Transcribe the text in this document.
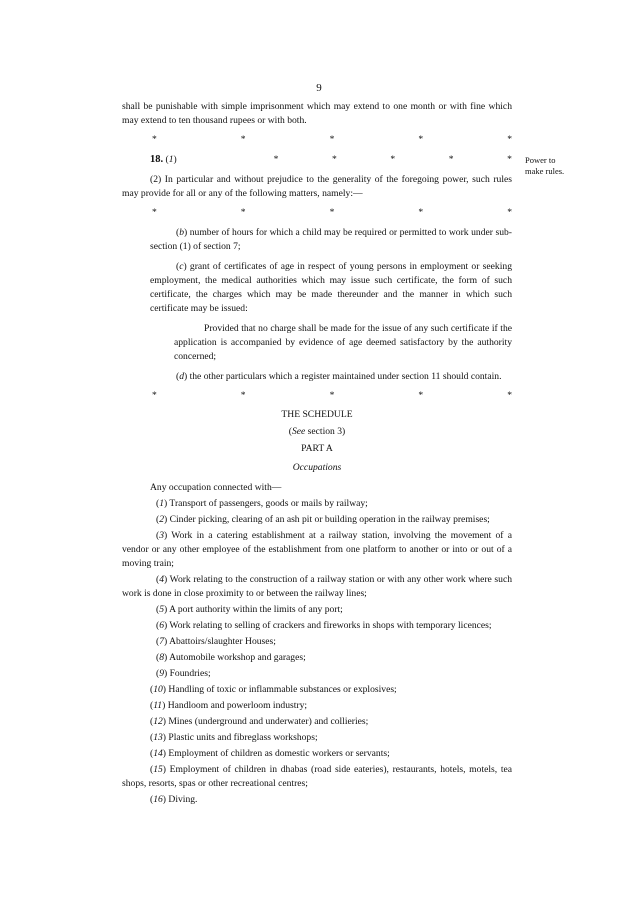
9

shall be punishable with simple imprisonment which may extend to one month or with fine which may extend to ten thousand rupees or with both.

*	*	*	*	*
18. (1)	*	*	*	*	*

(2) In particular and without prejudice to the generality of the foregoing power, such rules may provide for all or any of the following matters, namely:—

*	*	*	*	*

(b) number of hours for which a child may be required or permitted to work under sub-section (1) of section 7;

(c) grant of certificates of age in respect of young persons in employment or seeking employment, the medical authorities which may issue such certificate, the form of such certificate, the charges which may be made thereunder and the manner in which such certificate may be issued:

Provided that no charge shall be made for the issue of any such certificate if the application is accompanied by evidence of age deemed satisfactory by the authority concerned;

(d) the other particulars which a register maintained under section 11 should contain.

*	*	*	*	*

THE SCHEDULE

(See section 3)

PART A

Occupations

Any occupation connected with—

(1) Transport of passengers, goods or mails by railway;

(2) Cinder picking, clearing of an ash pit or building operation in the railway premises;

(3) Work in a catering establishment at a railway station, involving the movement of a vendor or any other employee of the establishment from one platform to another or into or out of a moving train;

(4) Work relating to the construction of a railway station or with any other work where such work is done in close proximity to or between the railway lines;

(5) A port authority within the limits of any port;

(6) Work relating to selling of crackers and fireworks in shops with temporary licences;

(7) Abattoirs/slaughter Houses;

(8) Automobile workshop and garages;

(9) Foundries;

(10) Handling of toxic or inflammable substances or explosives;

(11) Handloom and powerloom industry;

(12) Mines (underground and underwater) and collieries;

(13) Plastic units and fibreglass workshops;

(14) Employment of children as domestic workers or servants;

(15) Employment of children in dhabas (road side eateries), restaurants, hotels, motels, tea shops, resorts, spas or other recreational centres;

(16) Diving.

Power to
make rules.
